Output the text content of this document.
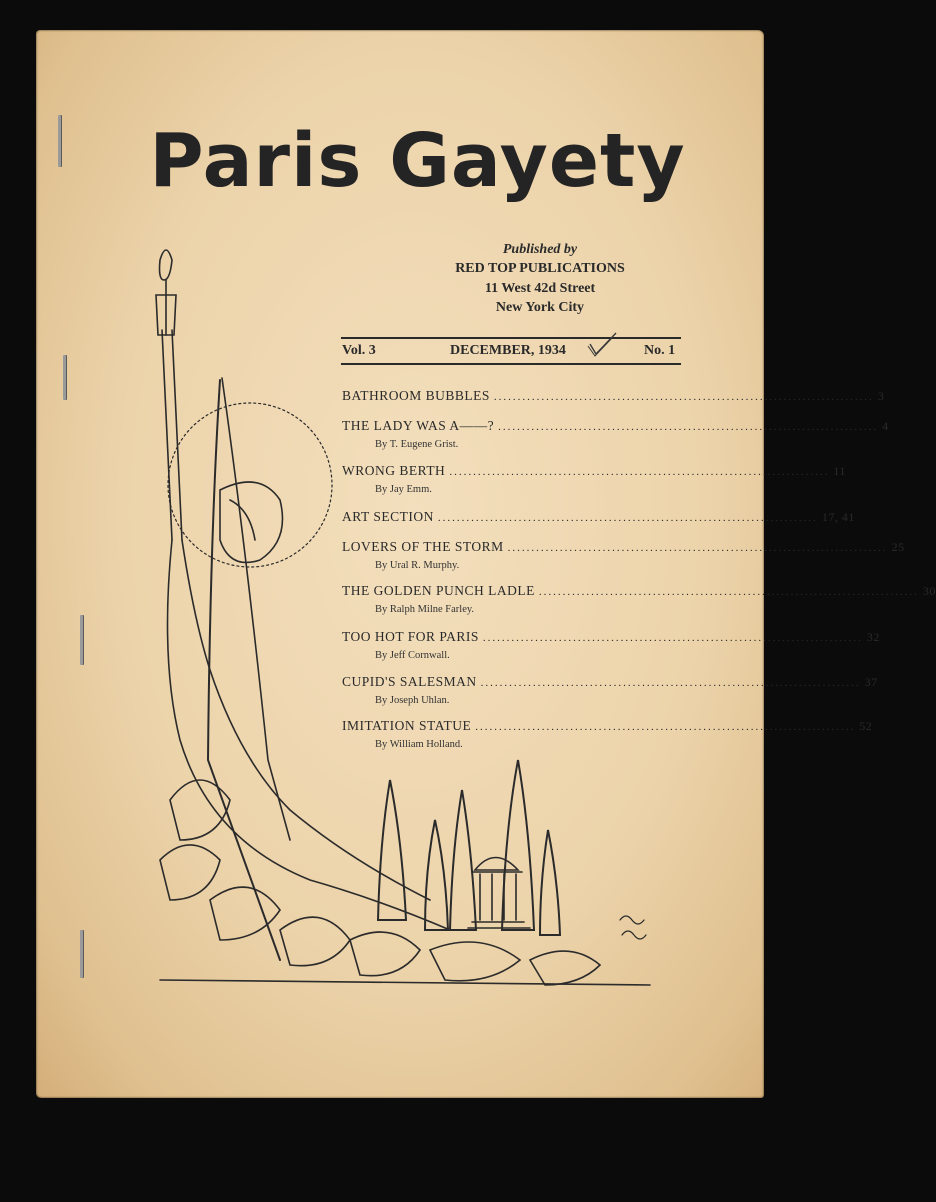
Paris Gayety
Published by
RED TOP PUBLICATIONS
11 West 42d Street
New York City
Vol. 3	DECEMBER, 1934	No. 1
BATHROOM BUBBLES ................................................................................ 3
THE LADY WAS A——? ................................................................................ 4
By T. Eugene Grist.
WRONG BERTH ................................................................................ 11
By Jay Emm.
ART SECTION ................................................................................ 17, 41
LOVERS OF THE STORM ................................................................................ 25
By Ural R. Murphy.
THE GOLDEN PUNCH LADLE ................................................................................ 30
By Ralph Milne Farley.
TOO HOT FOR PARIS ................................................................................ 32
By Jeff Cornwall.
CUPID'S SALESMAN ................................................................................ 37
By Joseph Uhlan.
IMITATION STATUE ................................................................................ 52
By William Holland.
